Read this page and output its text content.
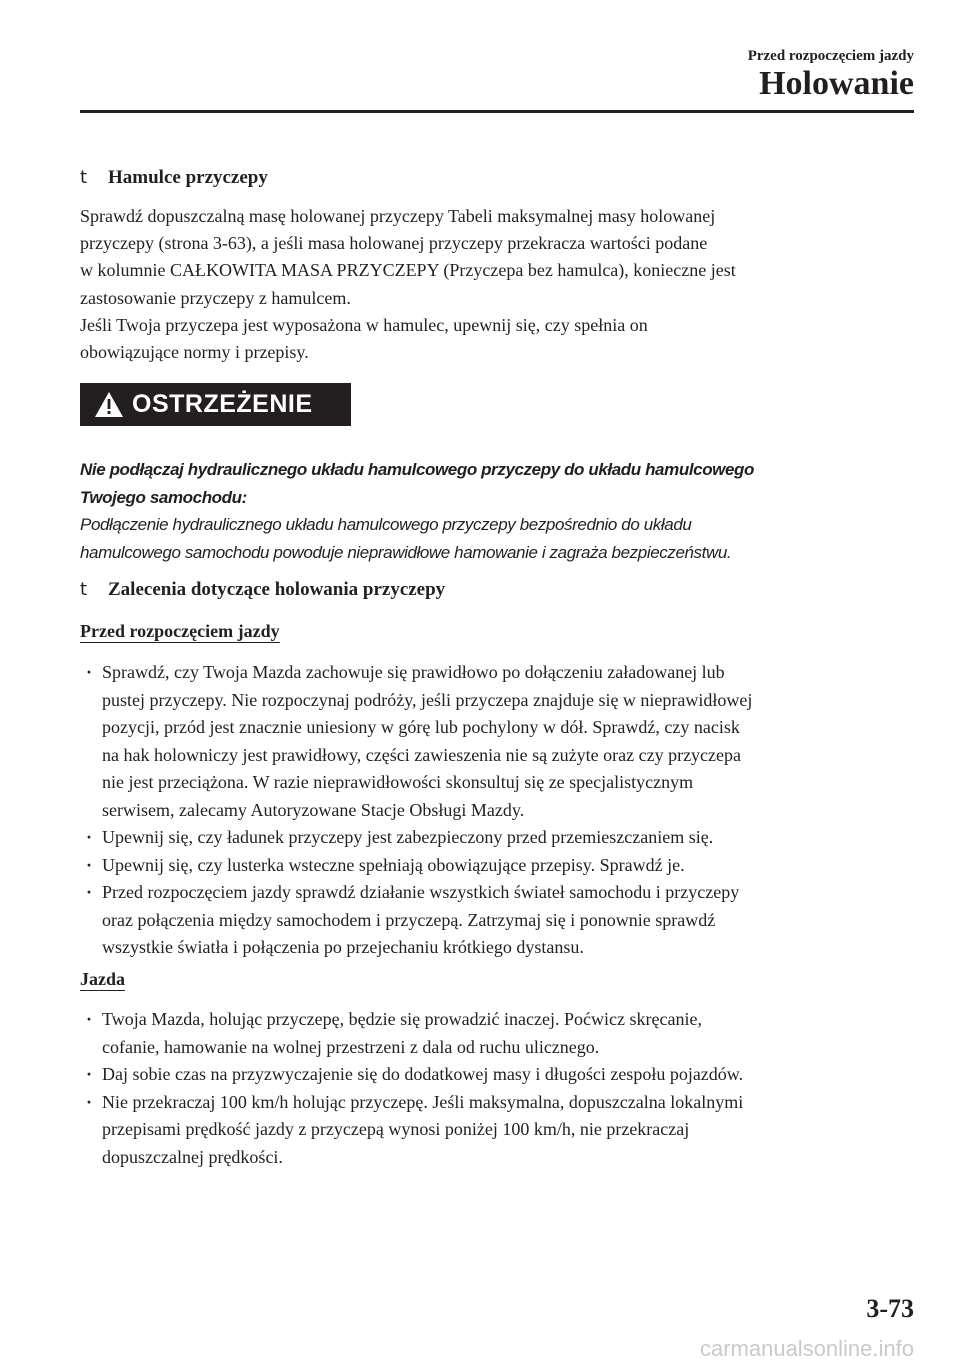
Przed rozpoczęciem jazdy
Holowanie
t	Hamulce przyczepy
Sprawdź dopuszczalną masę holowanej przyczepy Tabeli maksymalnej masy holowanej
przyczepy (strona 3-63), a jeśli masa holowanej przyczepy przekracza wartości podane
w kolumnie CAŁKOWITA MASA PRZYCZEPY (Przyczepa bez hamulca), konieczne jest
zastosowanie przyczepy z hamulcem.
Jeśli Twoja przyczepa jest wyposażona w hamulec, upewnij się, czy spełnia on
obowiązujące normy i przepisy.
OSTRZEŻENIE
Nie podłączaj hydraulicznego układu hamulcowego przyczepy do układu hamulcowego
Twojego samochodu:
Podłączenie hydraulicznego układu hamulcowego przyczepy bezpośrednio do układu
hamulcowego samochodu powoduje nieprawidłowe hamowanie i zagraża bezpieczeństwu.
t	Zalecenia dotyczące holowania przyczepy
Przed rozpoczęciem jazdy
· Sprawdź, czy Twoja Mazda zachowuje się prawidłowo po dołączeniu załadowanej lub
pustej przyczepy. Nie rozpoczynaj podróży, jeśli przyczepa znajduje się w nieprawidłowej
pozycji, przód jest znacznie uniesiony w górę lub pochylony w dół. Sprawdź, czy nacisk
na hak holowniczy jest prawidłowy, części zawieszenia nie są zużyte oraz czy przyczepa
nie jest przeciążona. W razie nieprawidłowości skonsultuj się ze specjalistycznym
serwisem, zalecamy Autoryzowane Stacje Obsługi Mazdy.
· Upewnij się, czy ładunek przyczepy jest zabezpieczony przed przemieszczaniem się.
· Upewnij się, czy lusterka wsteczne spełniają obowiązujące przepisy. Sprawdź je.
· Przed rozpoczęciem jazdy sprawdź działanie wszystkich świateł samochodu i przyczepy
oraz połączenia między samochodem i przyczepą. Zatrzymaj się i ponownie sprawdź
wszystkie światła i połączenia po przejechaniu krótkiego dystansu.
Jazda
· Twoja Mazda, holując przyczepę, będzie się prowadzić inaczej. Poćwicz skręcanie,
cofanie, hamowanie na wolnej przestrzeni z dala od ruchu ulicznego.
· Daj sobie czas na przyzwyczajenie się do dodatkowej masy i długości zespołu pojazdów.
· Nie przekraczaj 100 km/h holując przyczepę. Jeśli maksymalna, dopuszczalna lokalnymi
przepisami prędkość jazdy z przyczepą wynosi poniżej 100 km/h, nie przekraczaj
dopuszczalnej prędkości.
3-73
carmanualsonline.info
